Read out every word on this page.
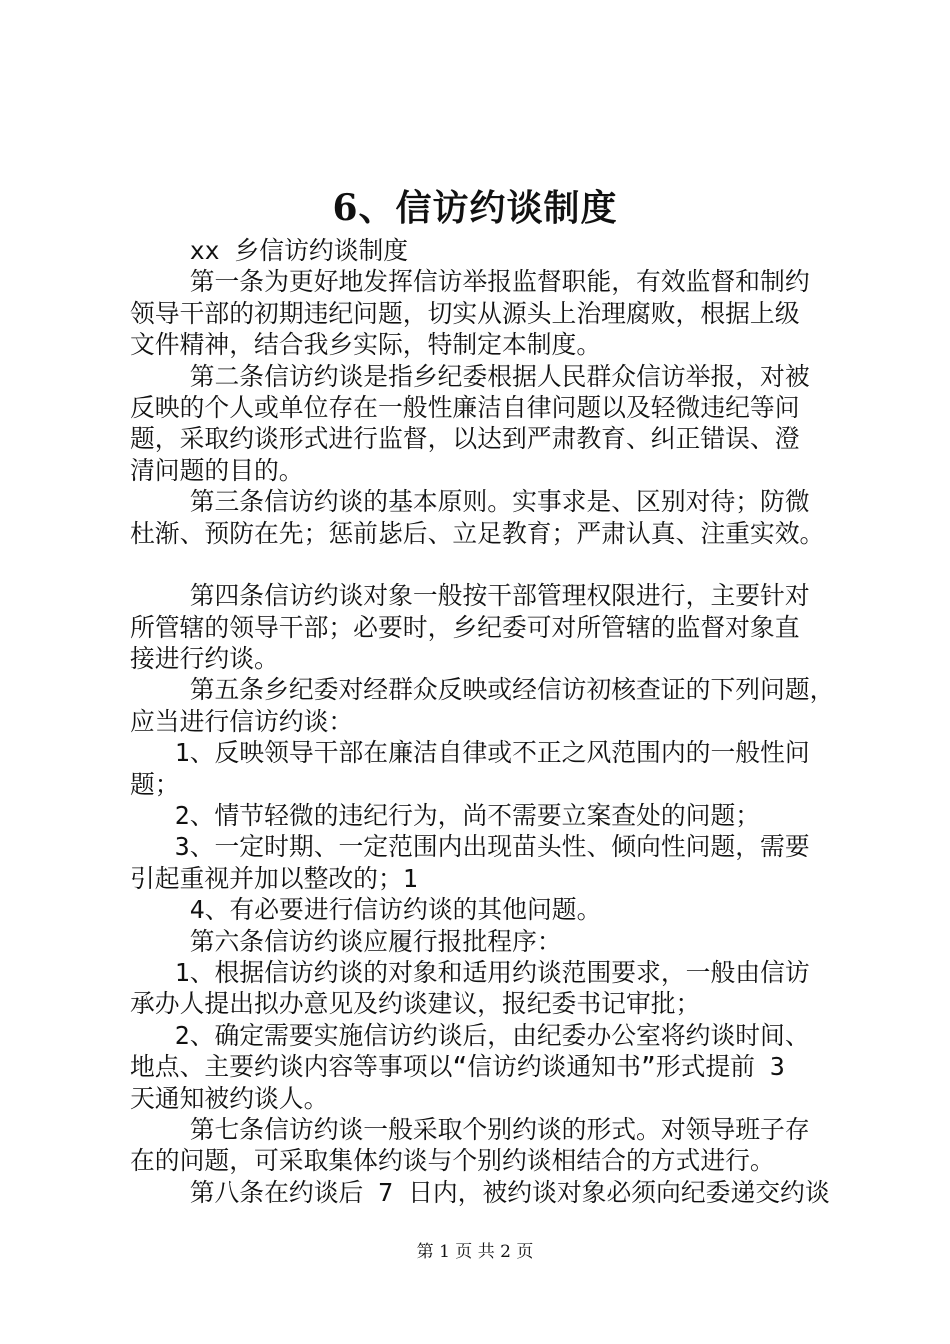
6、信访约谈制度
xx 乡信访约谈制度
第一条为更好地发挥信访举报监督职能，有效监督和制约
领导干部的初期违纪问题，切实从源头上治理腐败，根据上级
文件精神，结合我乡实际，特制定本制度。
第二条信访约谈是指乡纪委根据人民群众信访举报，对被
反映的个人或单位存在一般性廉洁自律问题以及轻微违纪等问
题，采取约谈形式进行监督，以达到严肃教育、纠正错误、澄
清问题的目的。
第三条信访约谈的基本原则。实事求是、区别对待；防微
杜渐、预防在先；惩前毖后、立足教育；严肃认真、注重实效。
第四条信访约谈对象一般按干部管理权限进行，主要针对
所管辖的领导干部；必要时，乡纪委可对所管辖的监督对象直
接进行约谈。
第五条乡纪委对经群众反映或经信访初核查证的下列问题，
应当进行信访约谈：
1、反映领导干部在廉洁自律或不正之风范围内的一般性问
题；
2、情节轻微的违纪行为，尚不需要立案查处的问题；
3、一定时期、一定范围内出现苗头性、倾向性问题，需要
引起重视并加以整改的；1
4、有必要进行信访约谈的其他问题。
第六条信访约谈应履行报批程序：
1、根据信访约谈的对象和适用约谈范围要求，一般由信访
承办人提出拟办意见及约谈建议，报纪委书记审批；
2、确定需要实施信访约谈后，由纪委办公室将约谈时间、
地点、主要约谈内容等事项以“信访约谈通知书”形式提前 3
天通知被约谈人。
第七条信访约谈一般采取个别约谈的形式。对领导班子存
在的问题，可采取集体约谈与个别约谈相结合的方式进行。
第八条在约谈后 7 日内，被约谈对象必须向纪委递交约谈
第 1 页 共 2 页
